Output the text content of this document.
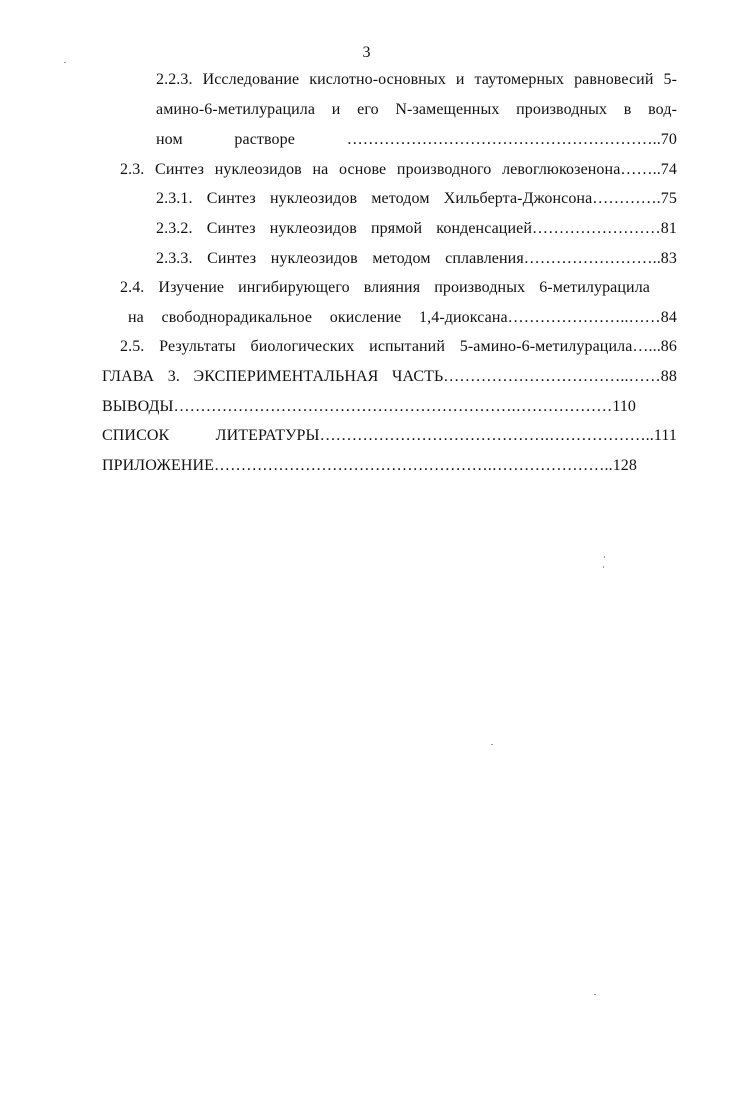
3
2.2.3. Исследование кислотно-основных и таутомерных равновесий 5-
амино-6-метилурацила и его N-замещенных производных в вод-
ном растворе …………………………………………………..70
2.3. Синтез нуклеозидов на основе производного левоглюкозенона……..74
2.3.1. Синтез нуклеозидов методом Хильберта-Джонсона………….75
2.3.2. Синтез нуклеозидов прямой конденсацией……………………81
2.3.3. Синтез нуклеозидов методом сплавления……………………..83
2.4. Изучение ингибирующего влияния производных 6-метилурацила
на свободнорадикальное окисление 1,4-диоксана…………………..……84
2.5. Результаты биологических испытаний 5-амино-6-метилурацила…...86
ГЛАВА 3. ЭКСПЕРИМЕНТАЛЬНАЯ ЧАСТЬ……………………………..……88
ВЫВОДЫ……………………………………………………….………………110
СПИСОК ЛИТЕРАТУРЫ…………………………………….………………..111
ПРИЛОЖЕНИЕ…………………………………………….…………………..128
